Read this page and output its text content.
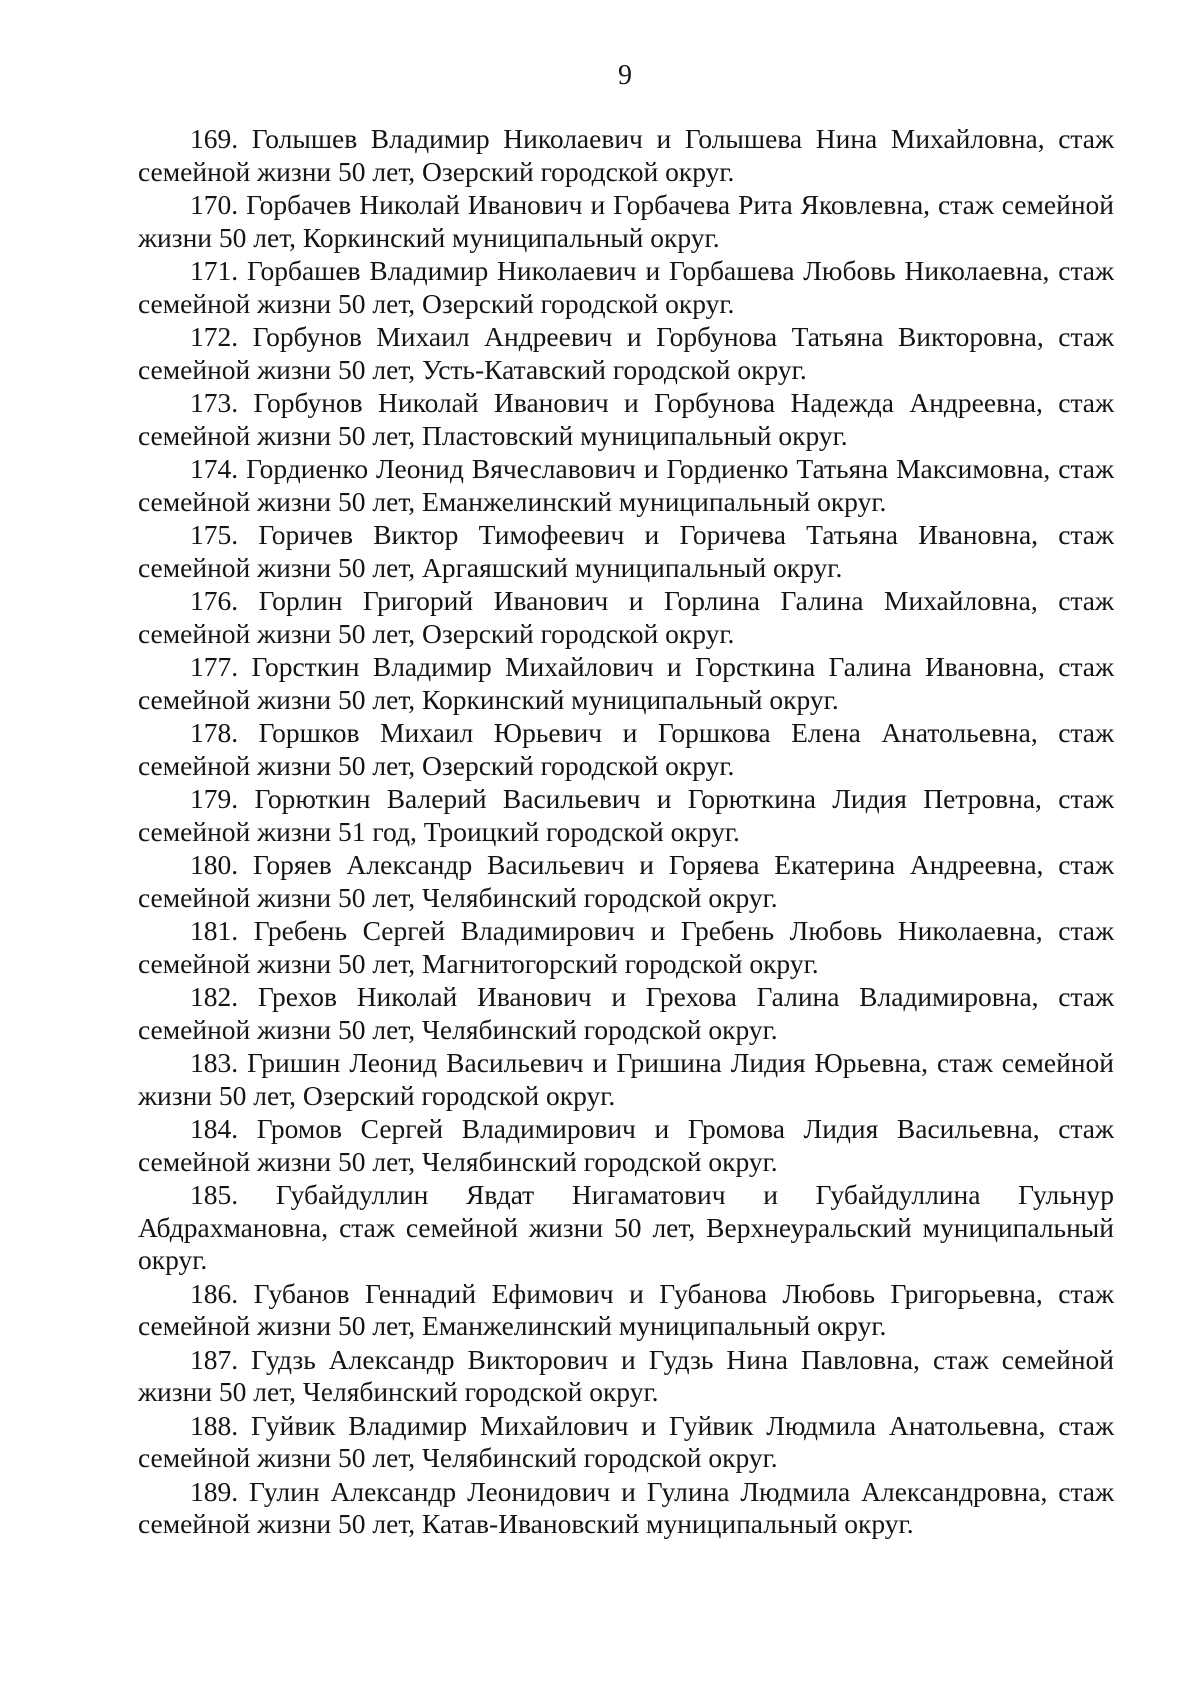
9
169. Голышев Владимир Николаевич и Голышева Нина Михайловна, стаж семейной жизни 50 лет, Озерский городской округ.
170. Горбачев Николай Иванович и Горбачева Рита Яковлевна, стаж семейной жизни 50 лет, Коркинский муниципальный округ.
171. Горбашев Владимир Николаевич и Горбашева Любовь Николаевна, стаж семейной жизни 50 лет, Озерский городской округ.
172. Горбунов Михаил Андреевич и Горбунова Татьяна Викторовна, стаж семейной жизни 50 лет, Усть-Катавский городской округ.
173. Горбунов Николай Иванович и Горбунова Надежда Андреевна, стаж семейной жизни 50 лет, Пластовский муниципальный округ.
174. Гордиенко Леонид Вячеславович и Гордиенко Татьяна Максимовна, стаж семейной жизни 50 лет, Еманжелинский муниципальный округ.
175. Горичев Виктор Тимофеевич и Горичева Татьяна Ивановна, стаж семейной жизни 50 лет, Аргаяшский муниципальный округ.
176. Горлин Григорий Иванович и Горлина Галина Михайловна, стаж семейной жизни 50 лет, Озерский городской округ.
177. Горсткин Владимир Михайлович и Горсткина Галина Ивановна, стаж семейной жизни 50 лет, Коркинский муниципальный округ.
178. Горшков Михаил Юрьевич и Горшкова Елена Анатольевна, стаж семейной жизни 50 лет, Озерский городской округ.
179. Горюткин Валерий Васильевич и Горюткина Лидия Петровна, стаж семейной жизни 51 год, Троицкий городской округ.
180. Горяев Александр Васильевич и Горяева Екатерина Андреевна, стаж семейной жизни 50 лет, Челябинский городской округ.
181. Гребень Сергей Владимирович и Гребень Любовь Николаевна, стаж семейной жизни 50 лет, Магнитогорский городской округ.
182. Грехов Николай Иванович и Грехова Галина Владимировна, стаж семейной жизни 50 лет, Челябинский городской округ.
183. Гришин Леонид Васильевич и Гришина Лидия Юрьевна, стаж семейной жизни 50 лет, Озерский городской округ.
184. Громов Сергей Владимирович и Громова Лидия Васильевна, стаж семейной жизни 50 лет, Челябинский городской округ.
185. Губайдуллин Явдат Нигаматович и Губайдуллина Гульнур Абдрахмановна, стаж семейной жизни 50 лет, Верхнеуральский муниципальный округ.
186. Губанов Геннадий Ефимович и Губанова Любовь Григорьевна, стаж семейной жизни 50 лет, Еманжелинский муниципальный округ.
187. Гудзь Александр Викторович и Гудзь Нина Павловна, стаж семейной жизни 50 лет, Челябинский городской округ.
188. Гуйвик Владимир Михайлович и Гуйвик Людмила Анатольевна, стаж семейной жизни 50 лет, Челябинский городской округ.
189. Гулин Александр Леонидович и Гулина Людмила Александровна, стаж семейной жизни 50 лет, Катав-Ивановский муниципальный округ.
